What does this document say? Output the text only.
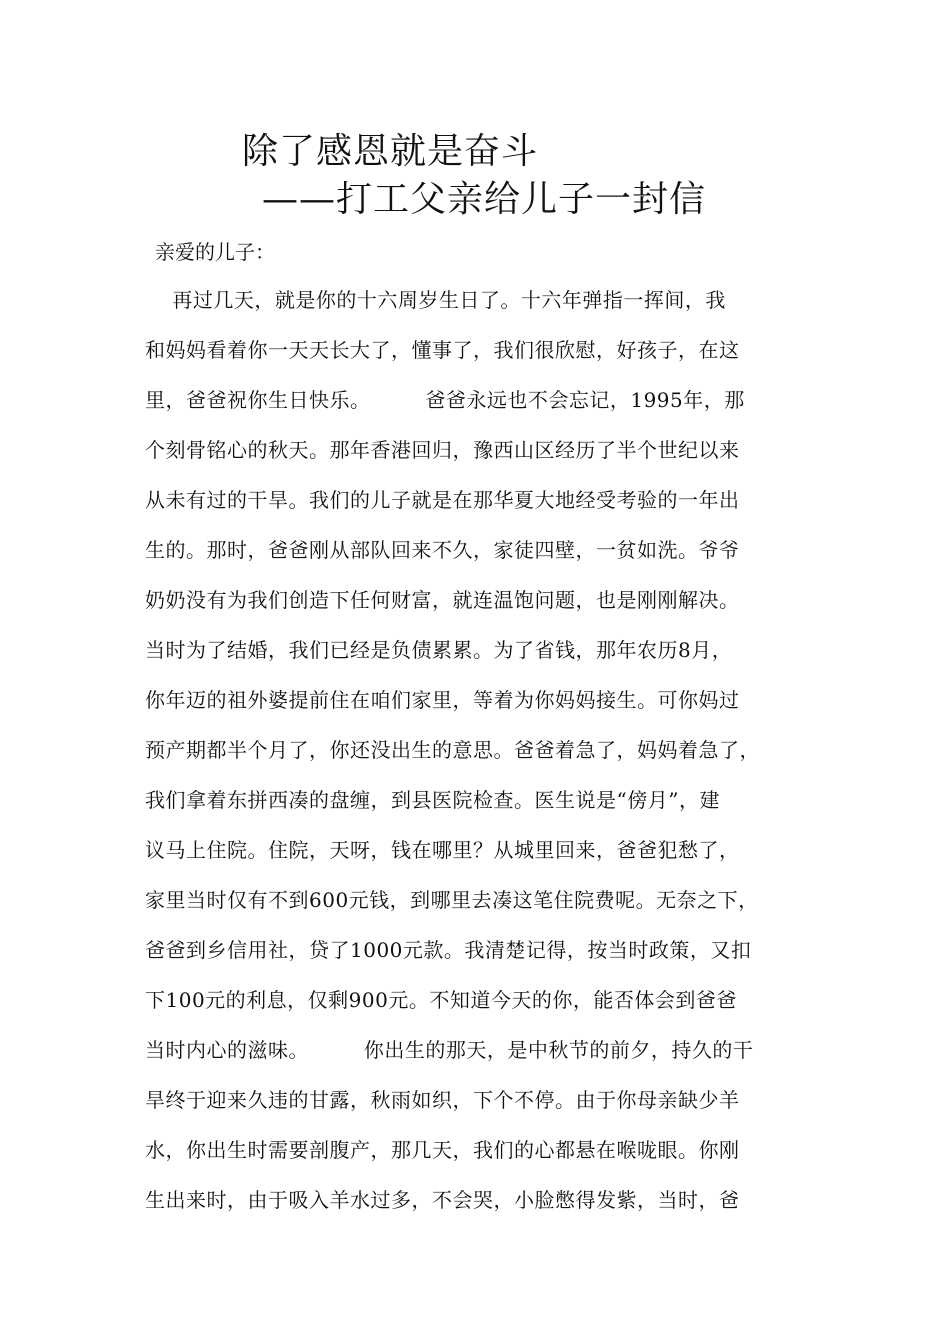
除了感恩就是奋斗
——打工父亲给儿子一封信
亲爱的儿子：
再过几天，就是你的十六周岁生日了。十六年弹指一挥间，我
和妈妈看着你一天天长大了，懂事了，我们很欣慰，好孩子，在这
里，爸爸祝你生日快乐。        爸爸永远也不会忘记，1995年，那
个刻骨铭心的秋天。那年香港回归，豫西山区经历了半个世纪以来
从未有过的干旱。我们的儿子就是在那华夏大地经受考验的一年出
生的。那时，爸爸刚从部队回来不久，家徒四壁，一贫如洗。爷爷
奶奶没有为我们创造下任何财富，就连温饱问题，也是刚刚解决。
当时为了结婚，我们已经是负债累累。为了省钱，那年农历8月，
你年迈的祖外婆提前住在咱们家里，等着为你妈妈接生。可你妈过
预产期都半个月了，你还没出生的意思。爸爸着急了，妈妈着急了，
我们拿着东拼西凑的盘缠，到县医院检查。医生说是“傍月”，建
议马上住院。住院，天呀，钱在哪里？从城里回来，爸爸犯愁了，
家里当时仅有不到600元钱，到哪里去凑这笔住院费呢。无奈之下，
爸爸到乡信用社，贷了1000元款。我清楚记得，按当时政策，又扣
下100元的利息，仅剩900元。不知道今天的你，能否体会到爸爸
当时内心的滋味。        你出生的那天，是中秋节的前夕，持久的干
旱终于迎来久违的甘露，秋雨如织，下个不停。由于你母亲缺少羊
水，你出生时需要剖腹产，那几天，我们的心都悬在喉咙眼。你刚
生出来时，由于吸入羊水过多，不会哭，小脸憋得发紫，当时，爸
